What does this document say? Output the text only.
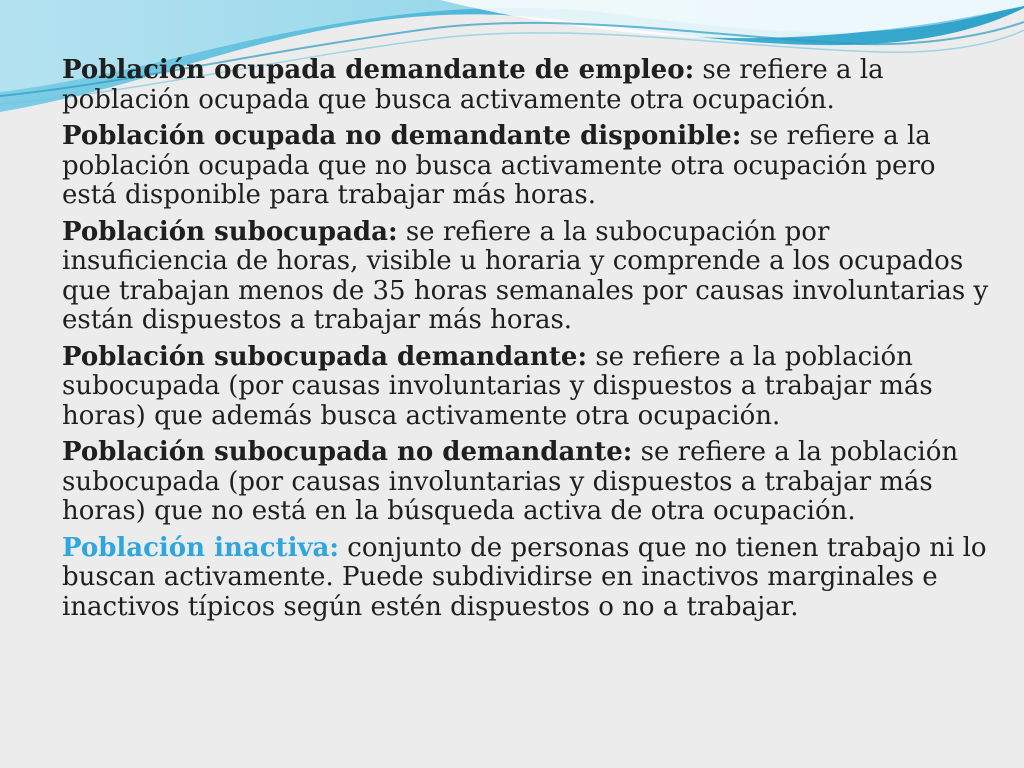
Población ocupada demandante de empleo: se refiere a la población ocupada que busca activamente otra ocupación.

Población ocupada no demandante disponible: se refiere a la población ocupada que no busca activamente otra ocupación pero está disponible para trabajar más horas.

Población subocupada: se refiere a la subocupación por insuficiencia de horas, visible u horaria y comprende a los ocupados que trabajan menos de 35 horas semanales por causas involuntarias y están dispuestos a trabajar más horas.

Población subocupada demandante: se refiere a la población subocupada (por causas involuntarias y dispuestos a trabajar más horas) que además busca activamente otra ocupación.

Población subocupada no demandante: se refiere a la población subocupada (por causas involuntarias y dispuestos a trabajar más horas) que no está en la búsqueda activa de otra ocupación.

Población inactiva: conjunto de personas que no tienen trabajo ni lo buscan activamente. Puede subdividirse en inactivos marginales e inactivos típicos según estén dispuestos o no a trabajar.
